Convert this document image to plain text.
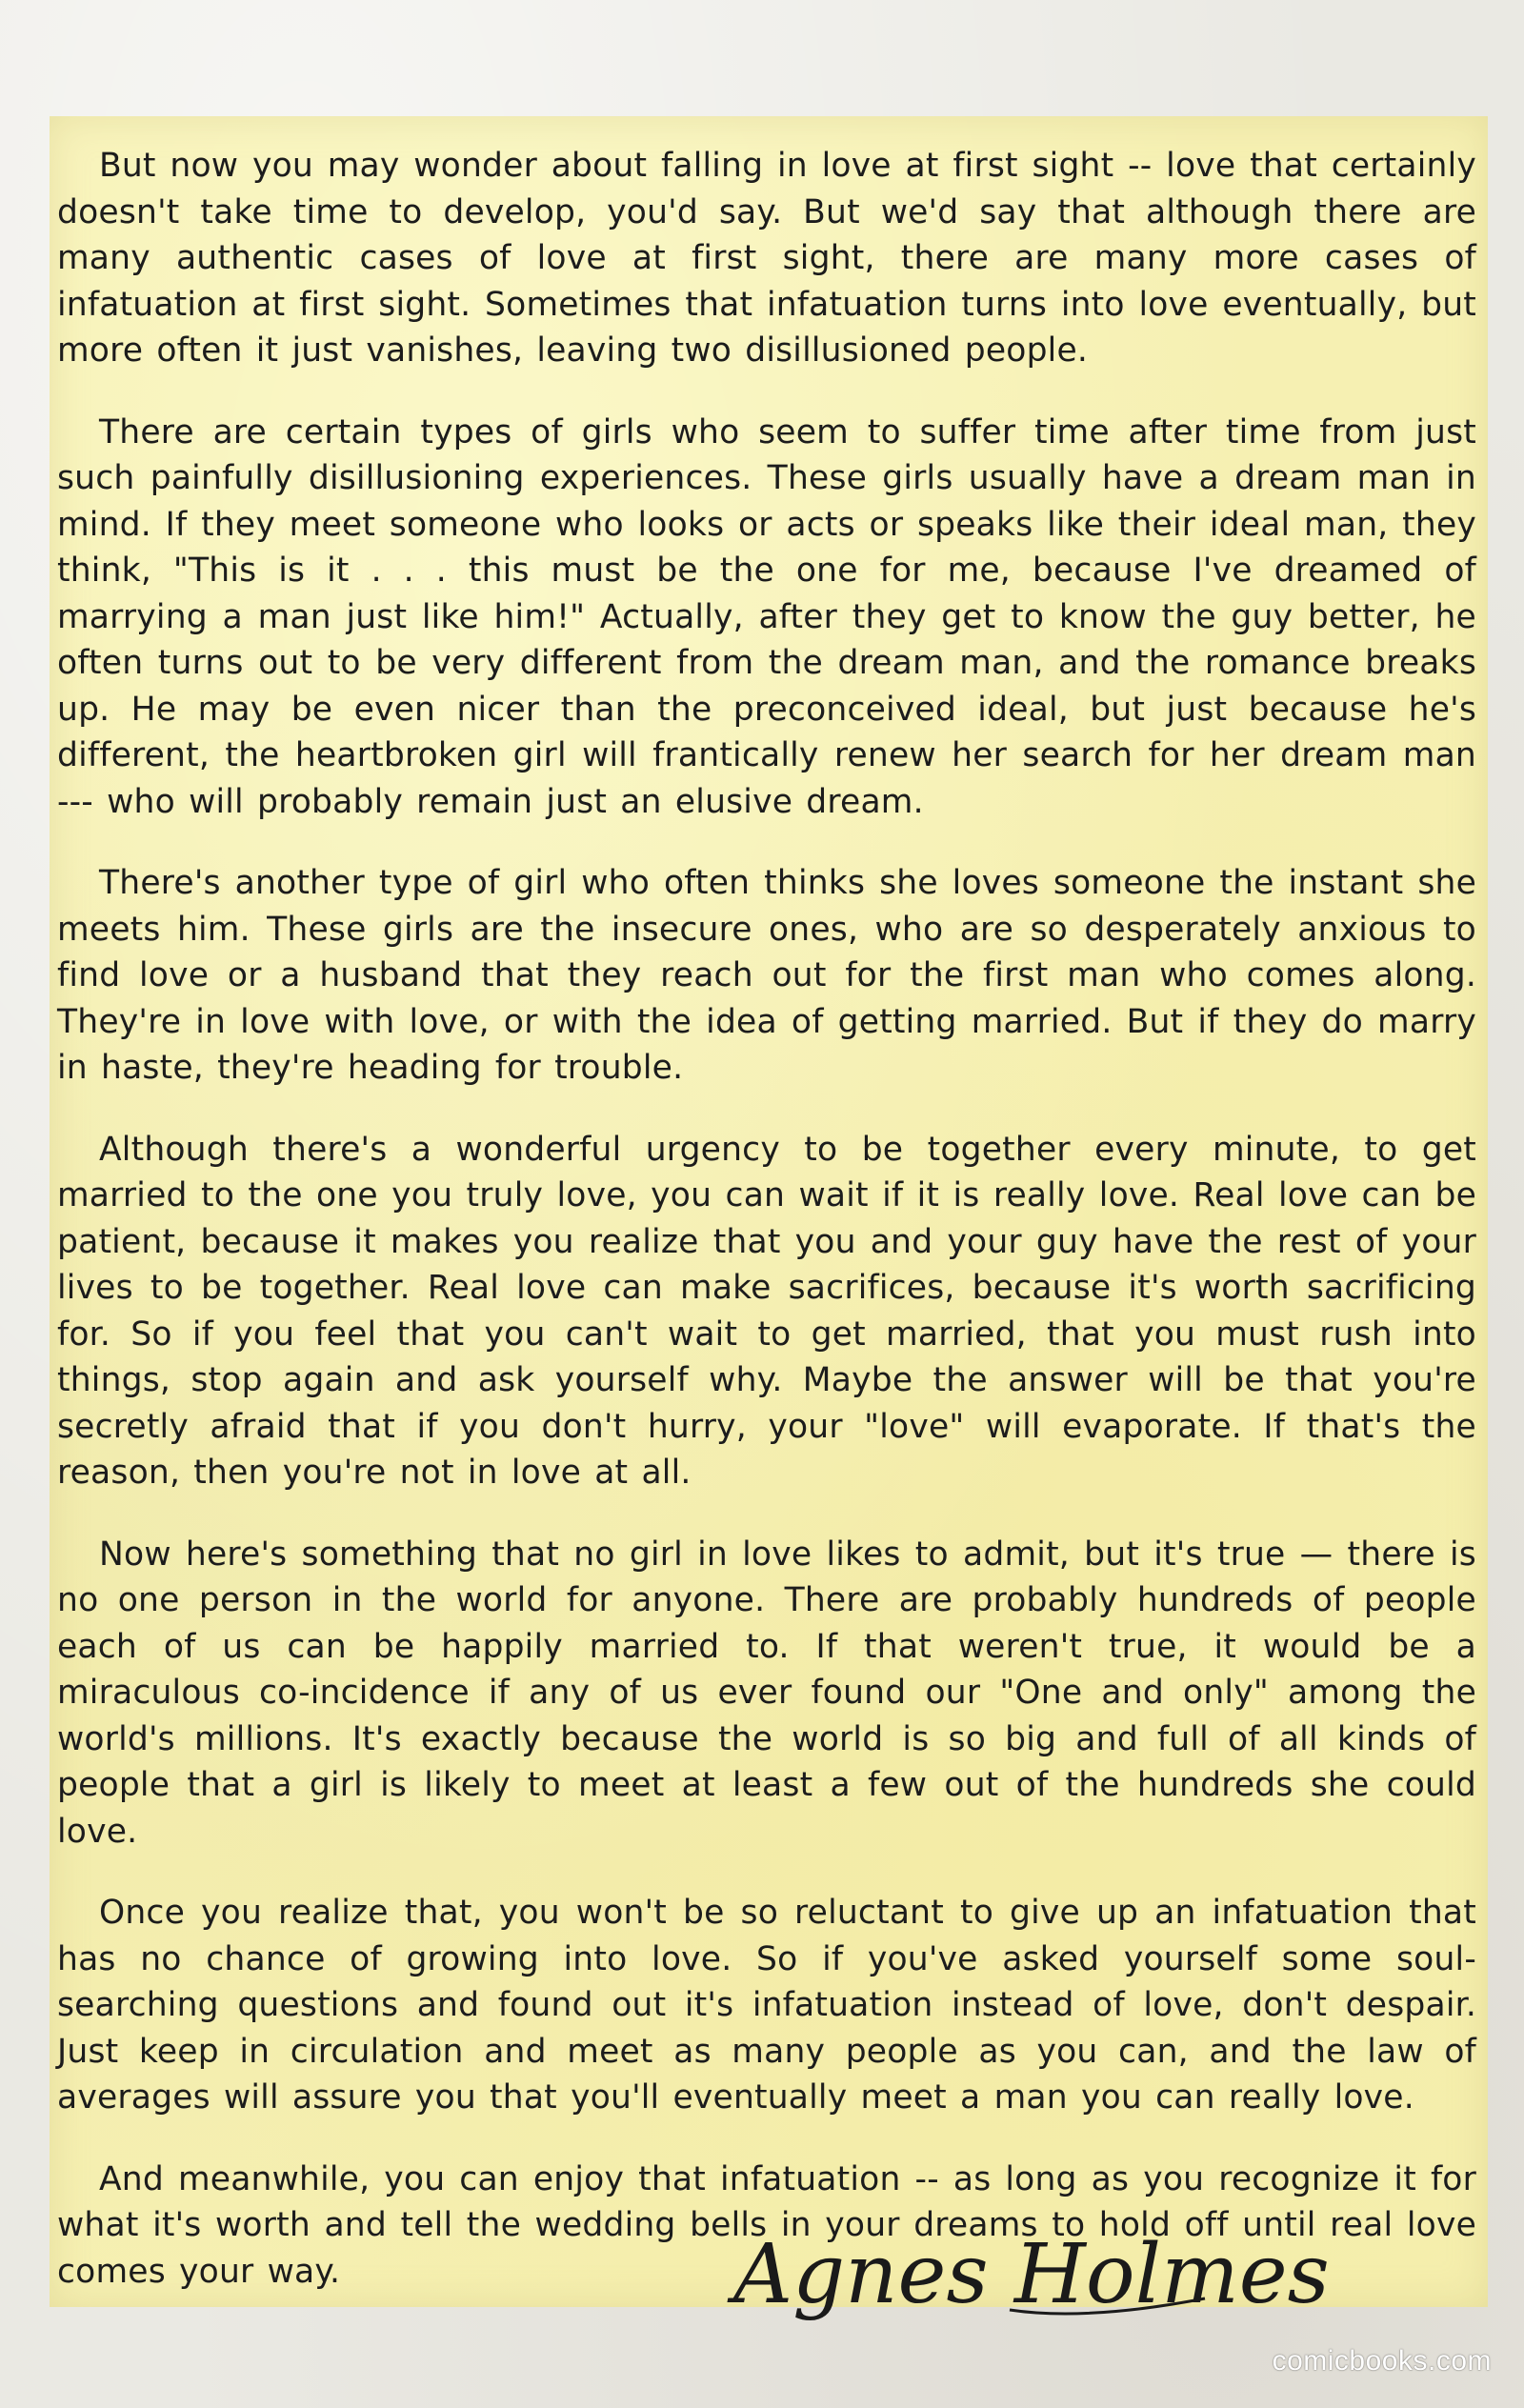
But now you may wonder about falling in love at first sight -- love that certainly doesn't take time to develop, you'd say. But we'd say that although there are many authentic cases of love at first sight, there are many more cases of infatuation at first sight. Sometimes that infatuation turns into love eventually, but more often it just vanishes, leaving two disillusioned people.

There are certain types of girls who seem to suffer time after time from just such painfully disillusioning experiences. These girls usually have a dream man in mind. If they meet someone who looks or acts or speaks like their ideal man, they think, "This is it . . . this must be the one for me, because I've dreamed of marrying a man just like him!" Actually, after they get to know the guy better, he often turns out to be very different from the dream man, and the romance breaks up. He may be even nicer than the preconceived ideal, but just because he's different, the heartbroken girl will frantically renew her search for her dream man --- who will probably remain just an elusive dream.

There's another type of girl who often thinks she loves someone the instant she meets him. These girls are the insecure ones, who are so desperately anxious to find love or a husband that they reach out for the first man who comes along. They're in love with love, or with the idea of getting married. But if they do marry in haste, they're heading for trouble.

Although there's a wonderful urgency to be together every minute, to get married to the one you truly love, you can wait if it is really love. Real love can be patient, because it makes you realize that you and your guy have the rest of your lives to be together. Real love can make sacrifices, because it's worth sacrificing for. So if you feel that you can't wait to get married, that you must rush into things, stop again and ask yourself why. Maybe the answer will be that you're secretly afraid that if you don't hurry, your "love" will evaporate. If that's the reason, then you're not in love at all.

Now here's something that no girl in love likes to admit, but it's true — there is no one person in the world for anyone. There are probably hundreds of people each of us can be happily married to. If that weren't true, it would be a miraculous co-incidence if any of us ever found our "One and only" among the world's millions. It's exactly because the world is so big and full of all kinds of people that a girl is likely to meet at least a few out of the hundreds she could love.

Once you realize that, you won't be so reluctant to give up an infatuation that has no chance of growing into love. So if you've asked yourself some soul-searching questions and found out it's infatuation instead of love, don't despair. Just keep in circulation and meet as many people as you can, and the law of averages will assure you that you'll eventually meet a man you can really love.

And meanwhile, you can enjoy that infatuation -- as long as you recognize it for what it's worth and tell the wedding bells in your dreams to hold off until real love comes your way.	Agnes Holmes
comicbooks.com
